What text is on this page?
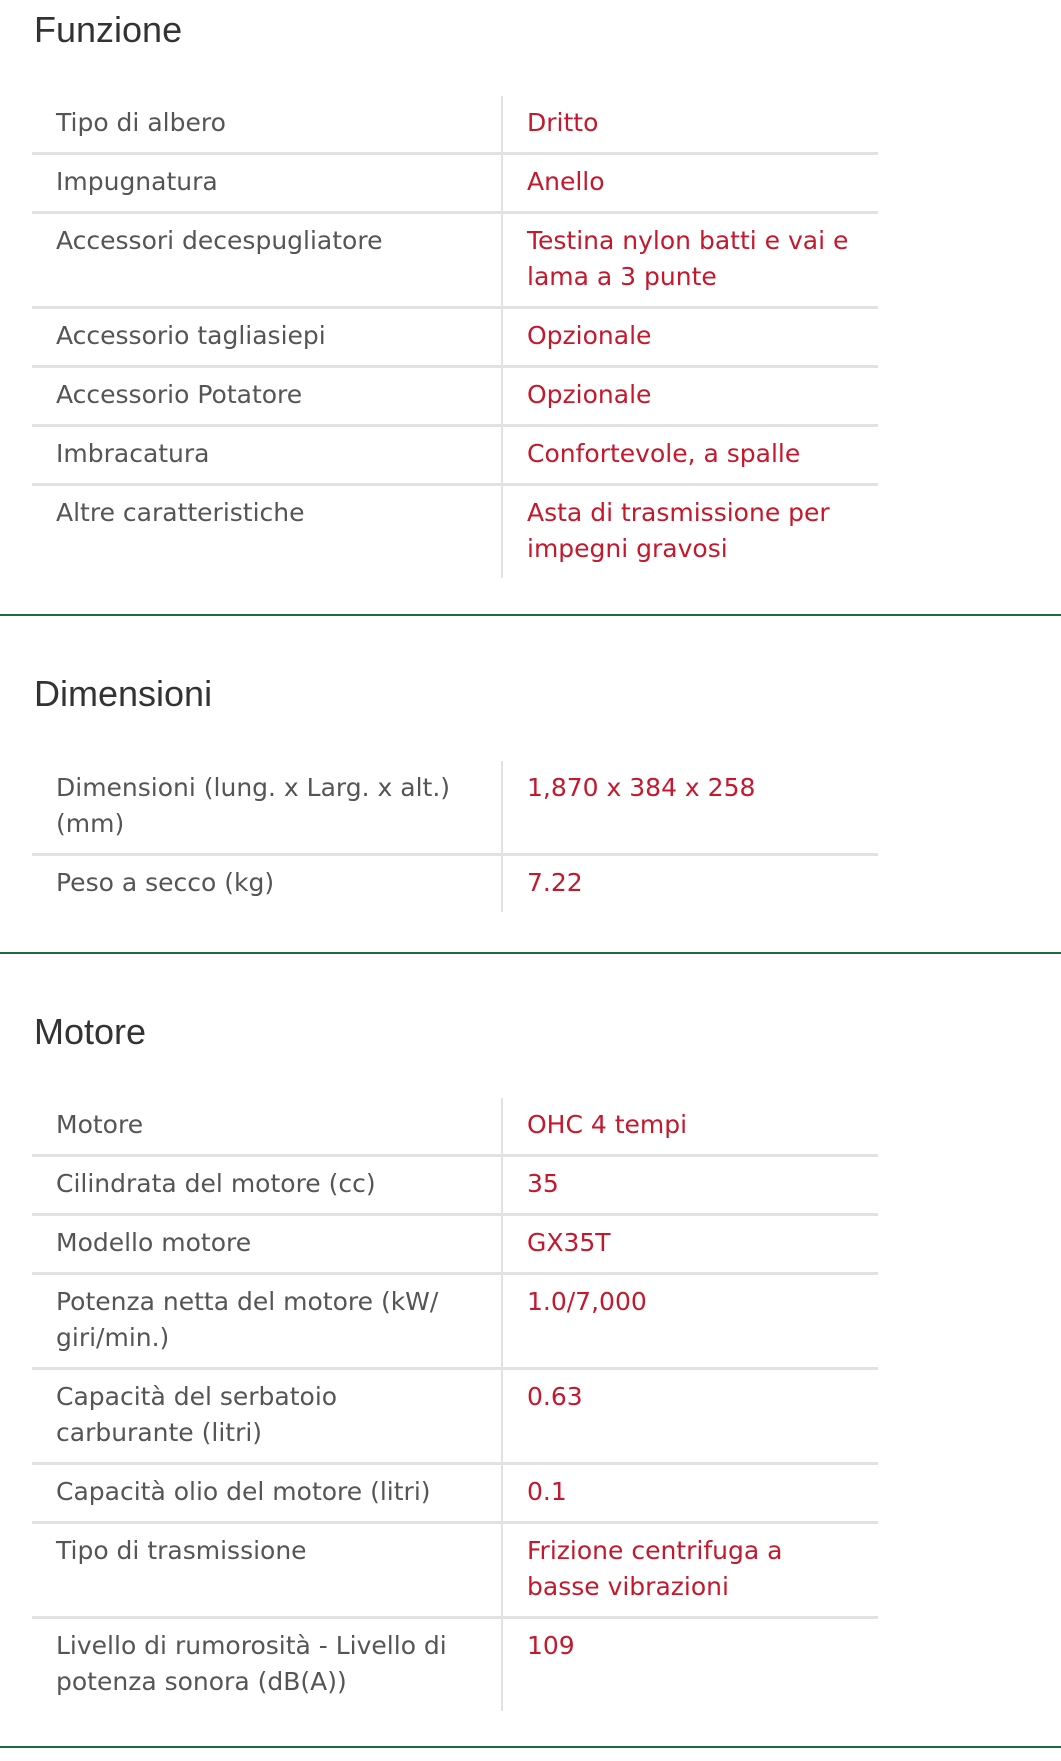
Funzione
Tipo di albero	Dritto
Impugnatura	Anello
Accessori decespugliatore	Testina nylon batti e vai e lama a 3 punte
Accessorio tagliasiepi	Opzionale
Accessorio Potatore	Opzionale
Imbracatura	Confortevole, a spalle
Altre caratteristiche	Asta di trasmissione per impegni gravosi
Dimensioni
Dimensioni (lung. x Larg. x alt.) (mm)	1,870 x 384 x 258
Peso a secco (kg)	7.22
Motore
Motore	OHC 4 tempi
Cilindrata del motore (cc)	35
Modello motore	GX35T
Potenza netta del motore (kW/ giri/min.)	1.0/7,000
Capacità del serbatoio carburante (litri)	0.63
Capacità olio del motore (litri)	0.1
Tipo di trasmissione	Frizione centrifuga a basse vibrazioni
Livello di rumorosità - Livello di potenza sonora (dB(A))	109
